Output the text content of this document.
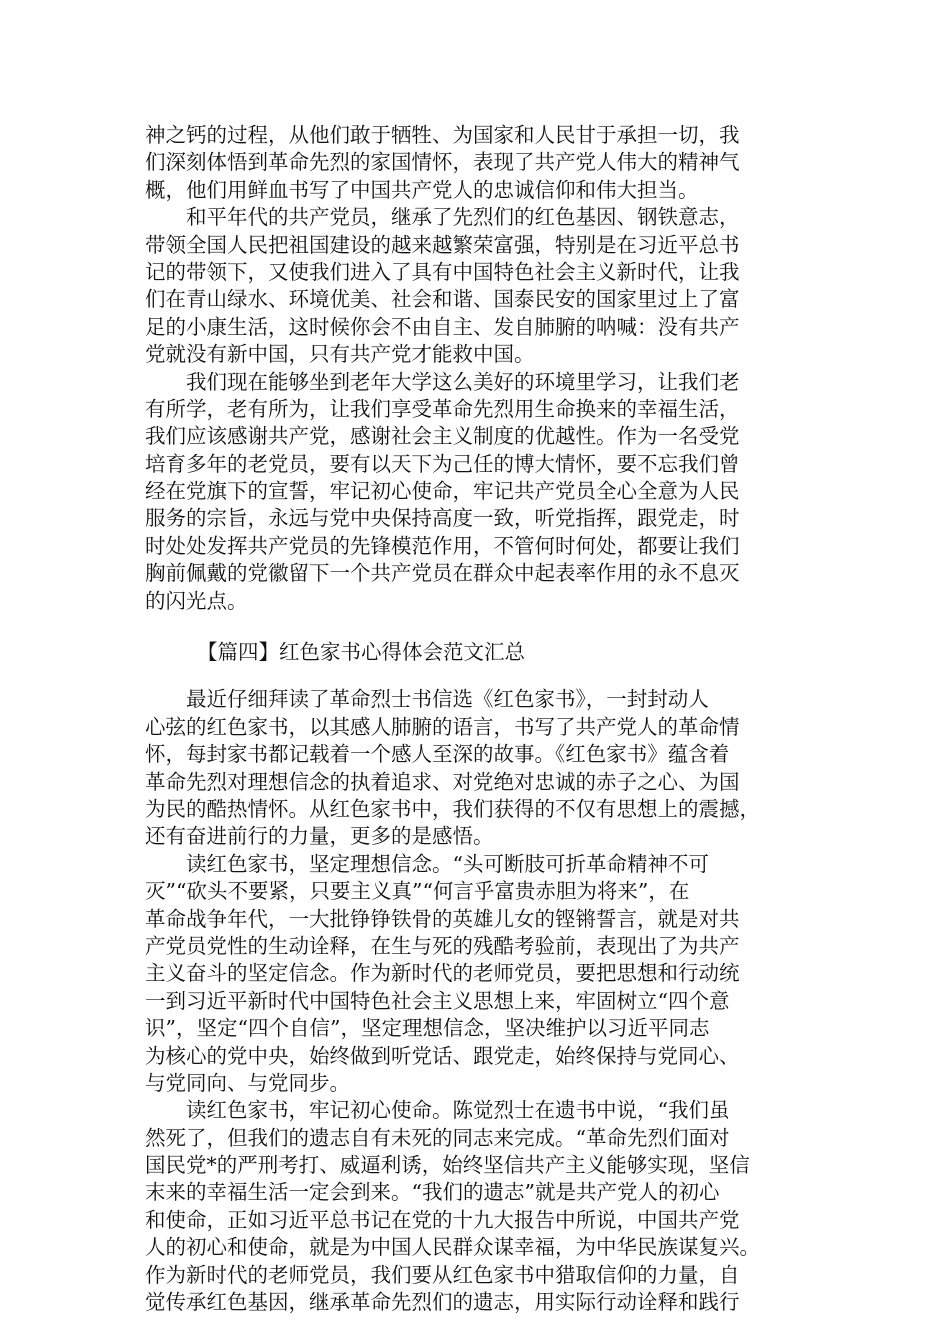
神之钙的过程，从他们敢于牺牲、为国家和人民甘于承担一切，我
们深刻体悟到革命先烈的家国情怀，表现了共产党人伟大的精神气
概，他们用鲜血书写了中国共产党人的忠诚信仰和伟大担当。
　　和平年代的共产党员，继承了先烈们的红色基因、钢铁意志，
带领全国人民把祖国建设的越来越繁荣富强，特别是在习近平总书
记的带领下，又使我们进入了具有中国特色社会主义新时代，让我
们在青山绿水、环境优美、社会和谐、国泰民安的国家里过上了富
足的小康生活，这时候你会不由自主、发自肺腑的呐喊：没有共产
党就没有新中国，只有共产党才能救中国。
　　我们现在能够坐到老年大学这么美好的环境里学习，让我们老
有所学，老有所为，让我们享受革命先烈用生命换来的幸福生活，
我们应该感谢共产党，感谢社会主义制度的优越性。作为一名受党
培育多年的老党员，要有以天下为己任的博大情怀，要不忘我们曾
经在党旗下的宣誓，牢记初心使命，牢记共产党员全心全意为人民
服务的宗旨，永远与党中央保持高度一致，听党指挥，跟党走，时
时处处发挥共产党员的先锋模范作用，不管何时何处，都要让我们
胸前佩戴的党徽留下一个共产党员在群众中起表率作用的永不息灭
的闪光点。
【篇四】红色家书心得体会范文汇总
　　最近仔细拜读了革命烈士书信选《红色家书》，一封封动人
心弦的红色家书，以其感人肺腑的语言，书写了共产党人的革命情
怀，每封家书都记载着一个感人至深的故事。《红色家书》蕴含着
革命先烈对理想信念的执着追求、对党绝对忠诚的赤子之心、为国
为民的酷热情怀。从红色家书中，我们获得的不仅有思想上的震撼，
还有奋进前行的力量，更多的是感悟。
　　读红色家书，坚定理想信念。“头可断肢可折革命精神不可
灭”“砍头不要紧，只要主义真”“何言乎富贵赤胆为将来”，在
革命战争年代，一大批铮铮铁骨的英雄儿女的铿锵誓言，就是对共
产党员党性的生动诠释，在生与死的残酷考验前，表现出了为共产
主义奋斗的坚定信念。作为新时代的老师党员，要把思想和行动统
一到习近平新时代中国特色社会主义思想上来，牢固树立“四个意
识”，坚定“四个自信”，坚定理想信念，坚决维护以习近平同志
为核心的党中央，始终做到听党话、跟党走，始终保持与党同心、
与党同向、与党同步。
　　读红色家书，牢记初心使命。陈觉烈士在遗书中说，“我们虽
然死了，但我们的遗志自有未死的同志来完成。“革命先烈们面对
国民党*的严刑考打、威逼利诱，始终坚信共产主义能够实现，坚信
末来的幸福生活一定会到来。“我们的遗志”就是共产党人的初心
和使命，正如习近平总书记在党的十九大报告中所说，中国共产党
人的初心和使命，就是为中国人民群众谋幸福，为中华民族谋复兴。
作为新时代的老师党员，我们要从红色家书中猎取信仰的力量，自
觉传承红色基因，继承革命先烈们的遗志，用实际行动诠释和践行
